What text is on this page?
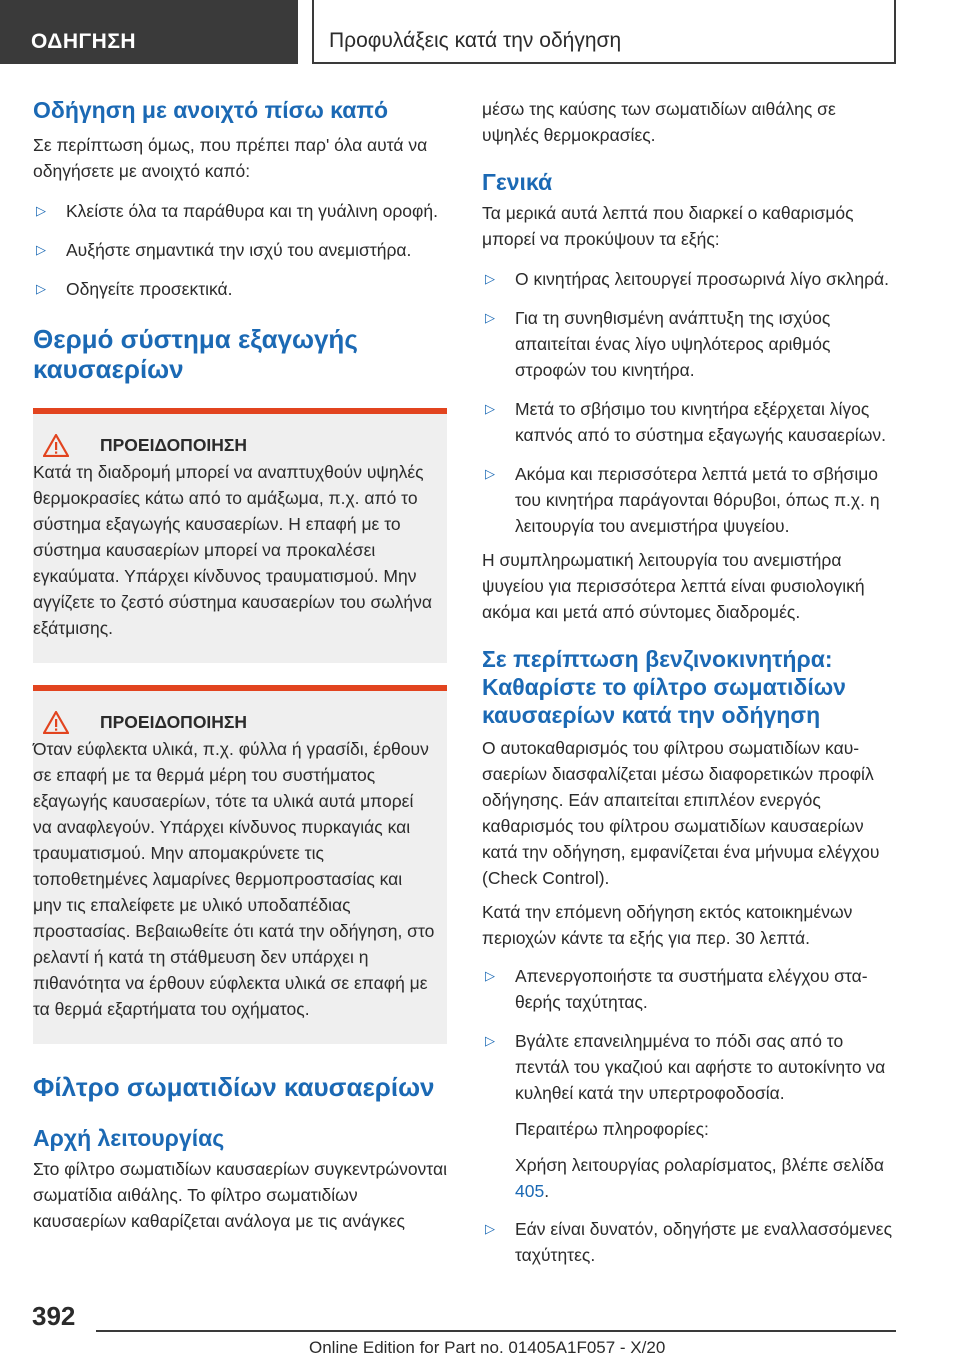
ΟΔΗΓΗΣΗ	Προφυλάξεις κατά την οδήγηση
Οδήγηση με ανοιχτό πίσω καπό

Σε περίπτωση όμως, που πρέπει παρ' όλα αυτά να οδηγήσετε με ανοιχτό καπό:

▷ Κλείστε όλα τα παράθυρα και τη γυάλινη οροφή.
▷ Αυξήστε σημαντικά την ισχύ του ανεμιστήρα.
▷ Οδηγείτε προσεκτικά.
Θερμό σύστημα εξαγωγής καυσαερίων
ΠΡΟΕΙΔΟΠΟΙΗΣΗ

Κατά τη διαδρομή μπορεί να αναπτυχθούν υψηλές θερμοκρασίες κάτω από το αμάξωμα, π.χ. από το σύστημα εξαγωγής καυσαερίων. Η επαφή με το σύστημα καυσαερίων μπορεί να προκαλέσει εγκαύματα. Υπάρχει κίνδυνος τραυματισμού. Μην αγγίζετε το ζεστό σύστημα καυσαερίων του σωλήνα εξάτμισης.

ΠΡΟΕΙΔΟΠΟΙΗΣΗ

Όταν εύφλεκτα υλικά, π.χ. φύλλα ή γρασίδι, έρθουν σε επαφή με τα θερμά μέρη του συστήματος εξαγωγής καυσαερίων, τότε τα υλικά αυτά μπορεί να αναφλεγούν. Υπάρχει κίνδυνος πυρκαγιάς και τραυματισμού. Μην απομακρύνετε τις τοποθετημένες λαμαρίνες θερμοπροστασίας και μην τις επαλείφετε με υλικό υποδαπέδιας προστασίας. Βεβαιωθείτε ότι κατά την οδήγηση, στο ρελαντί ή κατά τη στάθμευση δεν υπάρχει η πιθανότητα να έρθουν εύφλεκτα υλικά σε επαφή με τα θερμά εξαρτήματα του οχήματος.

Φίλτρο σωματιδίων καυσαερίων
Αρχή λειτουργίας

Στο φίλτρο σωματιδίων καυσαερίων συγκεντρώνονται σωματίδια αιθάλης. Το φίλτρο σωματιδίων καυσαερίων καθαρίζεται ανάλογα με τις ανάγκες

μέσω της καύσης των σωματιδίων αιθάλης σε υψηλές θερμοκρασίες.

Γενικά

Τα μερικά αυτά λεπτά που διαρκεί ο καθαρισμός μπορεί να προκύψουν τα εξής:

▷ Ο κινητήρας λειτουργεί προσωρινά λίγο σκληρά.
▷ Για τη συνηθισμένη ανάπτυξη της ισχύος απαιτείται ένας λίγο υψηλότερος αριθμός στροφών του κινητήρα.
▷ Μετά το σβήσιμο του κινητήρα εξέρχεται λίγος καπνός από το σύστημα εξαγωγής καυσαερίων.
▷ Ακόμα και περισσότερα λεπτά μετά το σβήσιμο του κινητήρα παράγονται θόρυβοι, όπως π.χ. η λειτουργία του ανεμιστήρα ψυγείου.

Η συμπληρωματική λειτουργία του ανεμιστήρα ψυγείου για περισσότερα λεπτά είναι φυσιολογική ακόμα και μετά από σύντομες διαδρομές.

Σε περίπτωση βενζινοκινητήρα: Καθαρίστε το φίλτρο σωματιδίων καυσαερίων κατά την οδήγηση

Ο αυτοκαθαρισμός του φίλτρου σωματιδίων καυσαερίων διασφαλίζεται μέσω διαφορετικών προφίλ οδήγησης. Εάν απαιτείται επιπλέον ενεργός καθαρισμός του φίλτρου σωματιδίων καυσαερίων κατά την οδήγηση, εμφανίζεται ένα μήνυμα ελέγχου (Check Control).

Κατά την επόμενη οδήγηση εκτός κατοικημένων περιοχών κάντε τα εξής για περ. 30 λεπτά.

▷ Απενεργοποιήστε τα συστήματα ελέγχου σταθερής ταχύτητας.
▷ Βγάλτε επανειλημμένα το πόδι σας από το πεντάλ του γκαζιού και αφήστε το αυτοκίνητο να κυληθεί κατά την υπερτροφοδοσία.
Περαιτέρω πληροφορίες:
Χρήση λειτουργίας ρολαρίσματος, βλέπε σελίδα 405.
▷ Εάν είναι δυνατόν, οδηγήστε με εναλλασσόμενες ταχύτητες.
392
Online Edition for Part no. 01405A1F057 - X/20
